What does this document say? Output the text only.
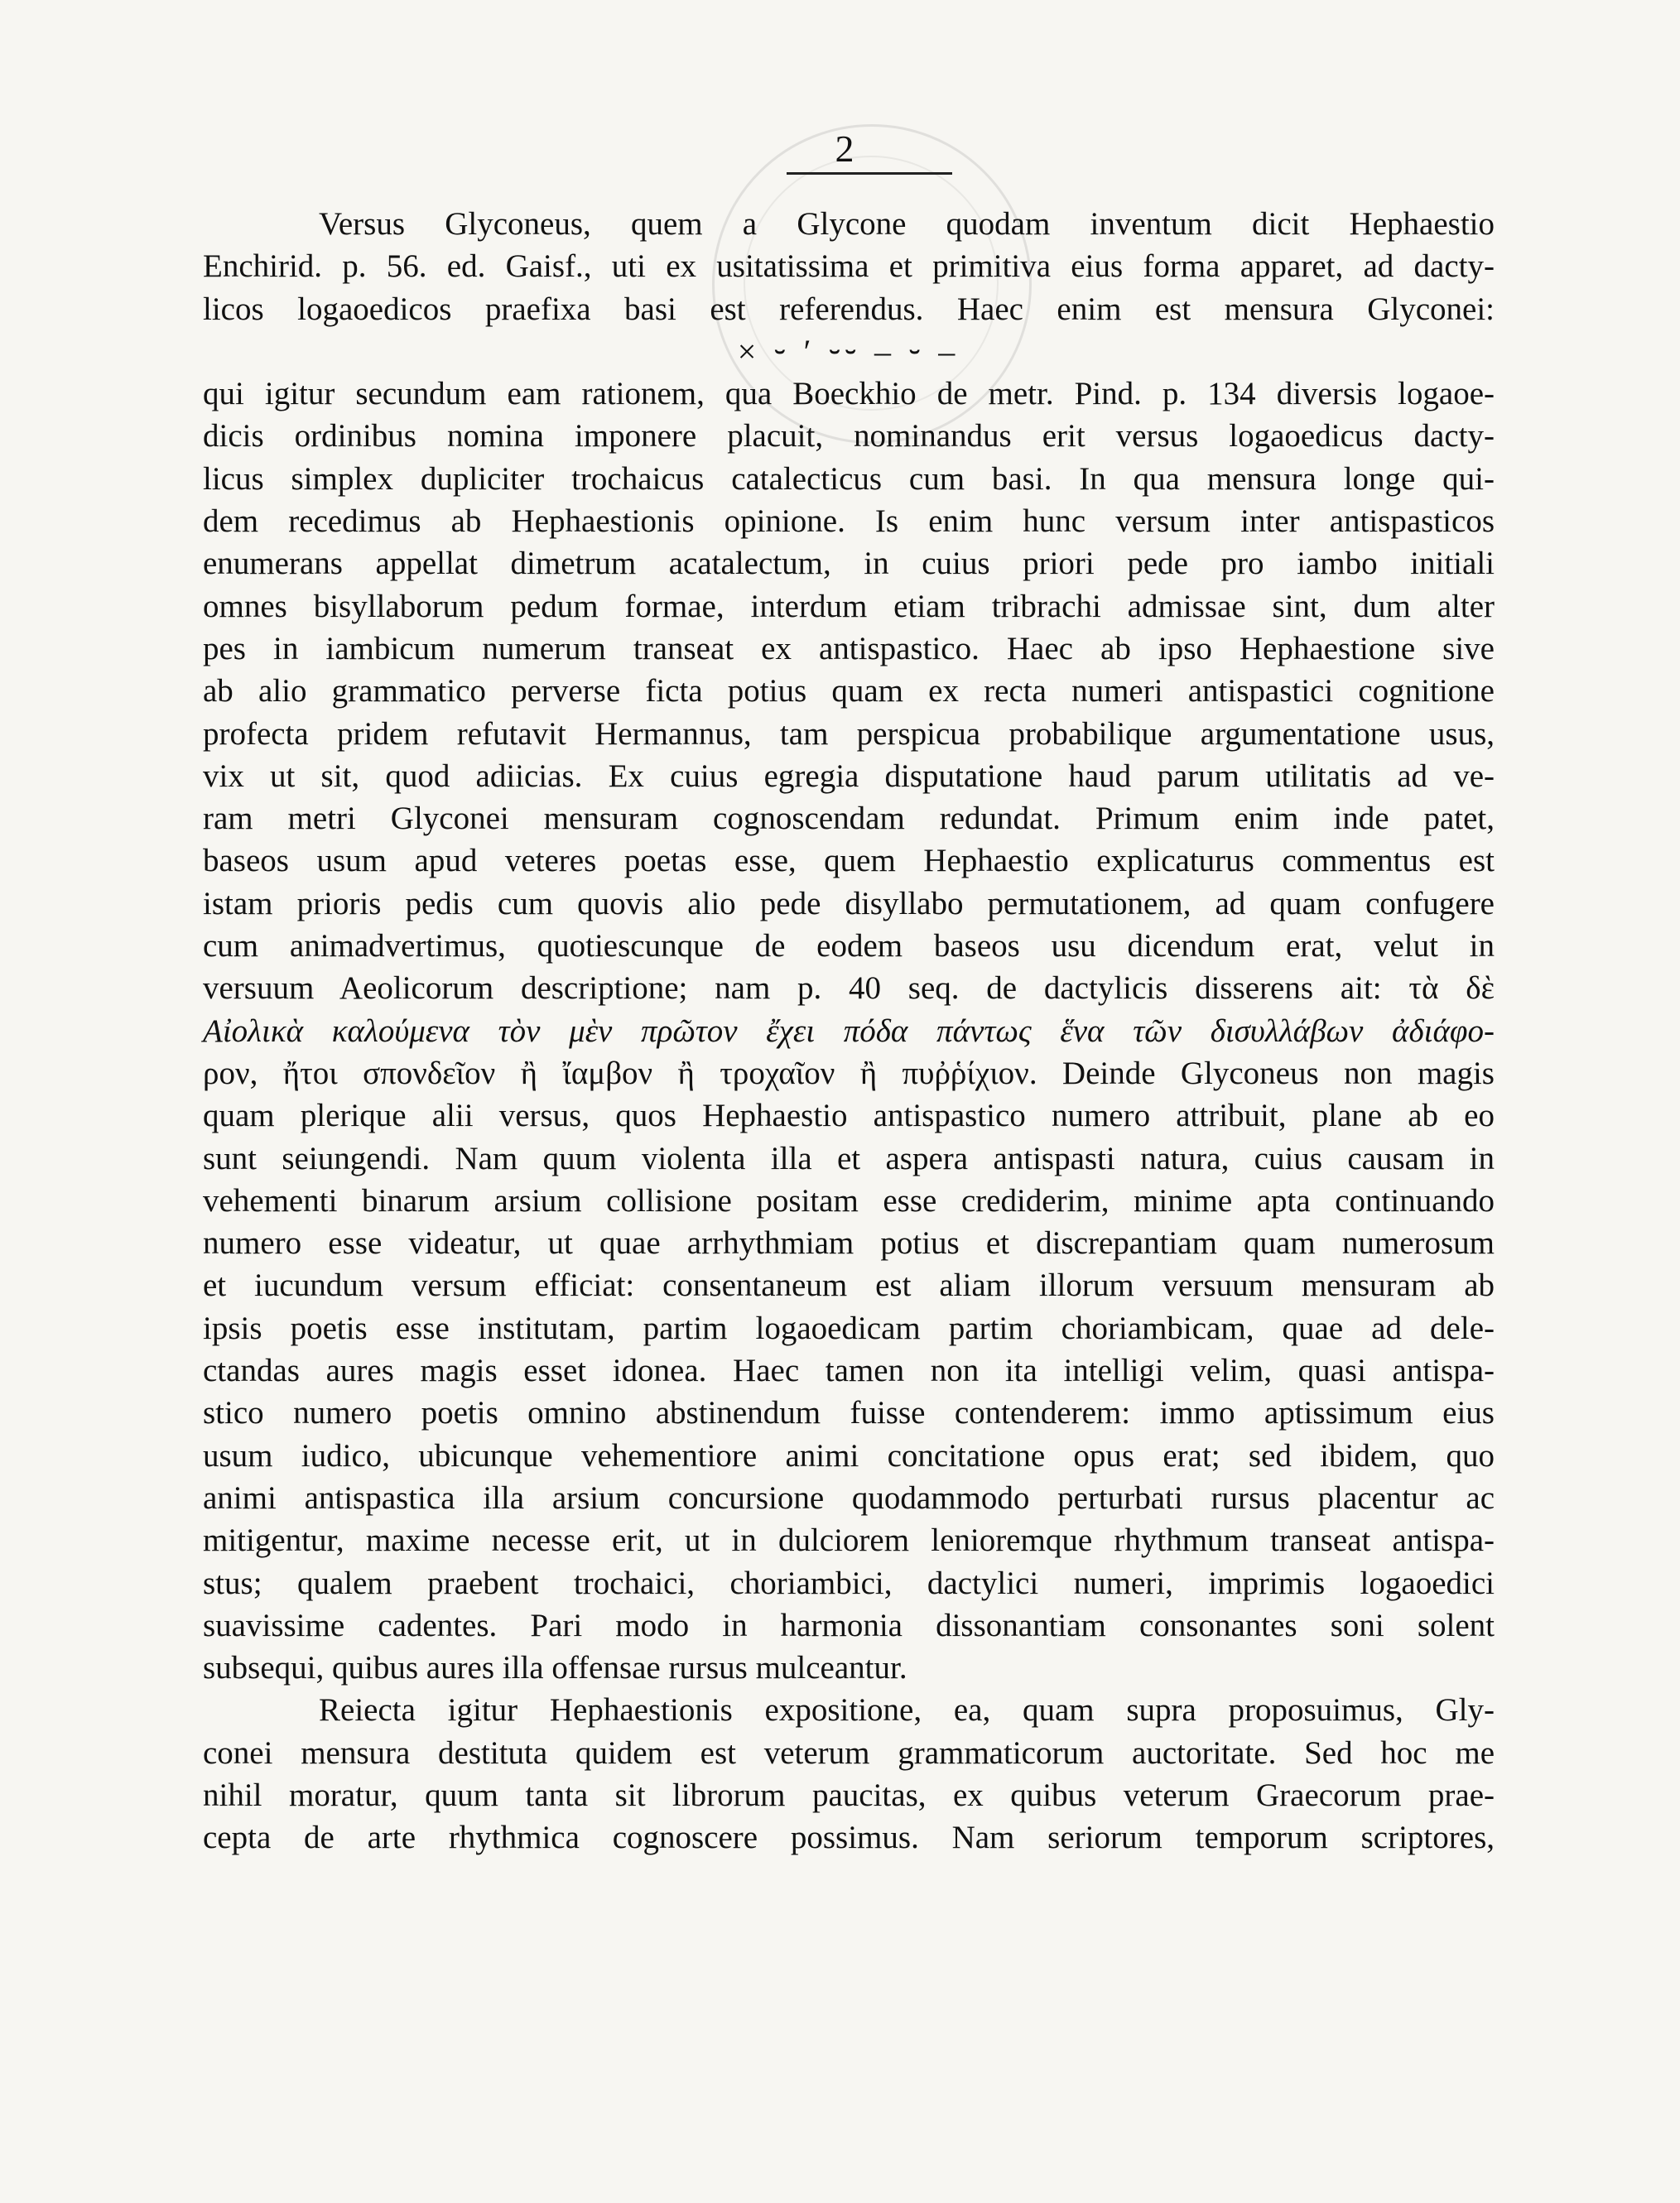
2
Versus Glyconeus, quem a Glycone quodam inventum dicit Hephaestio
Enchirid. p. 56. ed. Gaisf., uti ex usitatissima et primitiva eius forma apparet, ad dacty-
licos logaoedicos praefixa basi est referendus. Haec enim est mensura Glyconei:
× ⏑ ′ ⏑⏑ – ⏑ –
qui igitur secundum eam rationem, qua Boeckhio de metr. Pind. p. 134 diversis logaoe-
dicis ordinibus nomina imponere placuit, nominandus erit versus logaoedicus dacty-
licus simplex dupliciter trochaicus catalecticus cum basi. In qua mensura longe qui-
dem recedimus ab Hephaestionis opinione. Is enim hunc versum inter antispasticos
enumerans appellat dimetrum acatalectum, in cuius priori pede pro iambo initiali
omnes bisyllaborum pedum formae, interdum etiam tribrachi admissae sint, dum alter
pes in iambicum numerum transeat ex antispastico. Haec ab ipso Hephaestione sive
ab alio grammatico perverse ficta potius quam ex recta numeri antispastici cognitione
profecta pridem refutavit Hermannus, tam perspicua probabilique argumentatione usus,
vix ut sit, quod adiicias. Ex cuius egregia disputatione haud parum utilitatis ad ve-
ram metri Glyconei mensuram cognoscendam redundat. Primum enim inde patet,
baseos usum apud veteres poetas esse, quem Hephaestio explicaturus commentus est
istam prioris pedis cum quovis alio pede disyllabo permutationem, ad quam confugere
cum animadvertimus, quotiescunque de eodem baseos usu dicendum erat, velut in
versuum Aeolicorum descriptione; nam p. 40 seq. de dactylicis disserens ait: τὰ δὲ
Αἰολικὰ καλούμενα τὸν μὲν πρῶτον ἔχει πόδα πάντως ἕνα τῶν δισυλλάβων ἀδιάφο-
ρον, ἤτοι σπονδεῖον ἢ ἴαμβον ἢ τροχαῖον ἢ πυῤῥίχιον. Deinde Glyconeus non magis
quam plerique alii versus, quos Hephaestio antispastico numero attribuit, plane ab eo
sunt seiungendi. Nam quum violenta illa et aspera antispasti natura, cuius causam in
vehementi binarum arsium collisione positam esse crediderim, minime apta continuando
numero esse videatur, ut quae arrhythmiam potius et discrepantiam quam numerosum
et iucundum versum efficiat: consentaneum est aliam illorum versuum mensuram ab
ipsis poetis esse institutam, partim logaoedicam partim choriambicam, quae ad dele-
ctandas aures magis esset idonea. Haec tamen non ita intelligi velim, quasi antispa-
stico numero poetis omnino abstinendum fuisse contenderem: immo aptissimum eius
usum iudico, ubicunque vehementiore animi concitatione opus erat; sed ibidem, quo
animi antispastica illa arsium concursione quodammodo perturbati rursus placentur ac
mitigentur, maxime necesse erit, ut in dulciorem lenioremque rhythmum transeat antispa-
stus; qualem praebent trochaici, choriambici, dactylici numeri, imprimis logaoedici
suavissime cadentes. Pari modo in harmonia dissonantiam consonantes soni solent
subsequi, quibus aures illa offensae rursus mulceantur.
Reiecta igitur Hephaestionis expositione, ea, quam supra proposuimus, Gly-
conei mensura destituta quidem est veterum grammaticorum auctoritate. Sed hoc me
nihil moratur, quum tanta sit librorum paucitas, ex quibus veterum Graecorum prae-
cepta de arte rhythmica cognoscere possimus. Nam seriorum temporum scriptores,
